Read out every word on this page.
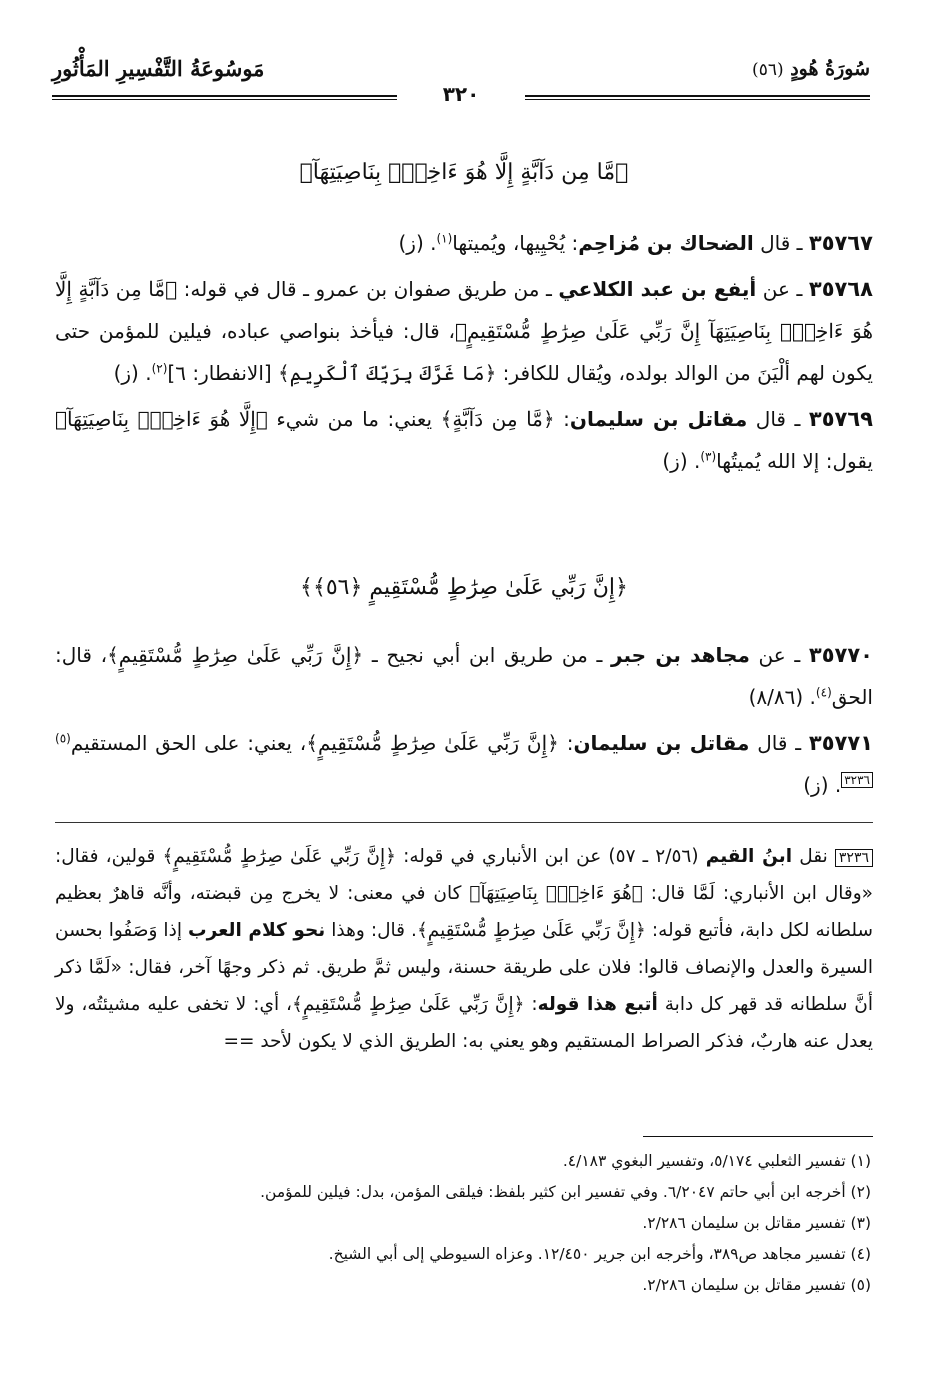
سُورَةُ هُودٍ (٥٦)
٣٢٠
مَوسُوعَةُ التَّفْسِيرِ المَأْثُورِ
﴿مَّا مِن دَآبَّةٍ إِلَّا هُوَ ءَاخِذٌۢ بِنَاصِيَتِهَآ﴾
٣٥٧٦٧ ـ قال الضحاك بن مُزاحِم: يُحْيِيها، ويُميتها$^{(١)}$. (ز)
٣٥٧٦٨ ـ عن أيفع بن عبد الكلاعي ـ من طريق صفوان بن عمرو ـ قال في قوله: ﴿مَّا مِن دَآبَّةٍ إِلَّا هُوَ ءَاخِذٌۢ بِنَاصِيَتِهَآ إِنَّ رَبِّي عَلَىٰ صِرَٰطٍ مُّسْتَقِيمٍ﴾، قال: فيأخذ بنواصي عباده، فيلين للمؤمن حتى يكون لهم ألْيَنَ من الوالد بولده، ويُقال للكافر: ﴿مَا غَرَّكَ بِرَبِّكَ ٱلْكَرِيمِ﴾ [الانفطار: ٦]$^{(٢)}$. (ز)
٣٥٧٦٩ ـ قال مقاتل بن سليمان: ﴿مَّا مِن دَآبَّةٍ﴾ يعني: ما من شيء ﴿إِلَّا هُوَ ءَاخِذٌۢ بِنَاصِيَتِهَآ﴾ يقول: إلا الله يُميتُها$^{(٣)}$. (ز)
﴿إِنَّ رَبِّي عَلَىٰ صِرَٰطٍ مُّسْتَقِيمٍ ﴿٥٦﴾﴾
٣٥٧٧٠ ـ عن مجاهد بن جبر ـ من طريق ابن أبي نجيح ـ ﴿إِنَّ رَبِّي عَلَىٰ صِرَٰطٍ مُّسْتَقِيمٍ﴾، قال: الحق$^{(٤)}$. (٨/٨٦)
٣٥٧٧١ ـ قال مقاتل بن سليمان: ﴿إِنَّ رَبِّي عَلَىٰ صِرَٰطٍ مُّسْتَقِيمٍ﴾، يعني: على الحق المستقيم$^{(٥)}$٣٢٣٦. (ز)
٣٢٣٦ نقل ابنُ القيم (٢/٥٦ ـ ٥٧) عن ابن الأنباري في قوله: ﴿إِنَّ رَبِّي عَلَىٰ صِرَٰطٍ مُّسْتَقِيمٍ﴾ قولين، فقال: «وقال ابن الأنباري: لَمَّا قال: ﴿هُوَ ءَاخِذٌۢ بِنَاصِيَتِهَآ﴾ كان في معنى: لا يخرج مِن قبضته، وأنَّه قاهرٌ بعظيم سلطانه لكل دابة، فأتبع قوله: ﴿إِنَّ رَبِّي عَلَىٰ صِرَٰطٍ مُّسْتَقِيمٍ﴾. قال: وهذا نحو كلام العرب إذا وَصَفُوا بحسن السيرة والعدل والإنصاف قالوا: فلان على طريقة حسنة، وليس ثمَّ طريق. ثم ذكر وجهًا آخر، فقال: «لَمَّا ذكر أنَّ سلطانه قد قهر كل دابة أتبع هذا قوله: ﴿إِنَّ رَبِّي عَلَىٰ صِرَٰطٍ مُّسْتَقِيمٍ﴾، أي: لا تخفى عليه مشيئتُه، ولا يعدل عنه هاربٌ، فذكر الصراط المستقيم وهو يعني به: الطريق الذي لا يكون لأحد ==
(١) تفسير الثعلبي ٥/١٧٤، وتفسير البغوي ٤/١٨٣.
(٢) أخرجه ابن أبي حاتم ٦/٢٠٤٧. وفي تفسير ابن كثير بلفظ: فيلقى المؤمن، بدل: فيلين للمؤمن.
(٣) تفسير مقاتل بن سليمان ٢/٢٨٦.
(٤) تفسير مجاهد ص٣٨٩، وأخرجه ابن جرير ١٢/٤٥٠. وعزاه السيوطي إلى أبي الشيخ.
(٥) تفسير مقاتل بن سليمان ٢/٢٨٦.
